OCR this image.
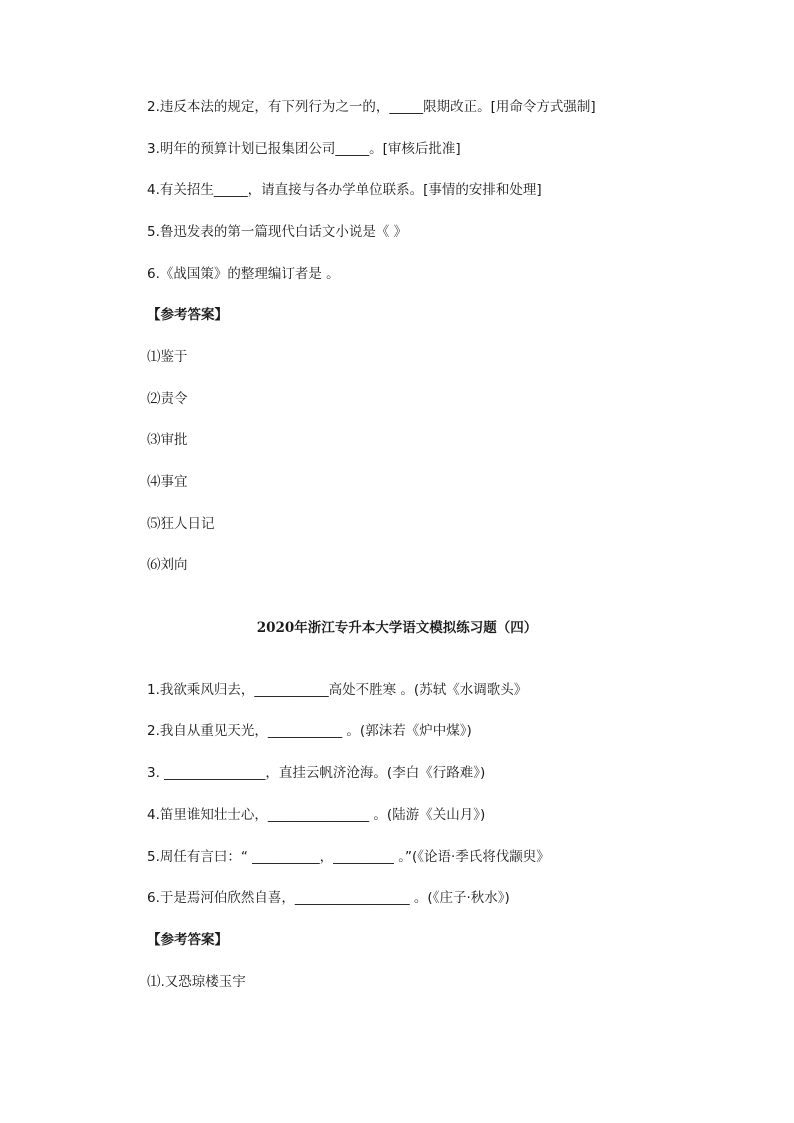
2.违反本法的规定，有下列行为之一的，_____限期改正。[用命令方式强制]
3.明年的预算计划已报集团公司_____。[审核后批准]
4.有关招生_____，请直接与各办学单位联系。[事情的安排和处理]
5.鲁迅发表的第一篇现代白话文小说是《 》
6.《战国策》的整理编订者是 。
【参考答案】
⑴鉴于
⑵责令
⑶审批
⑷事宜
⑸狂人日记
⑹刘向
2020年浙江专升本大学语文模拟练习题（四）
1.我欲乘风归去，___________高处不胜寒 。(苏轼《水调歌头》
2.我自从重见天光，___________ 。(郭沫若《炉中煤》)
3. _______________，直挂云帆济沧海。(李白《行路难》)
4.笛里谁知壮士心，_______________ 。(陆游《关山月》)
5.周任有言曰：“ __________，_________ 。”(《论语·季氏将伐颛臾》
6.于是焉河伯欣然自喜，_________________ 。(《庄子·秋水》)
【参考答案】
⑴.又恐琼楼玉宇
